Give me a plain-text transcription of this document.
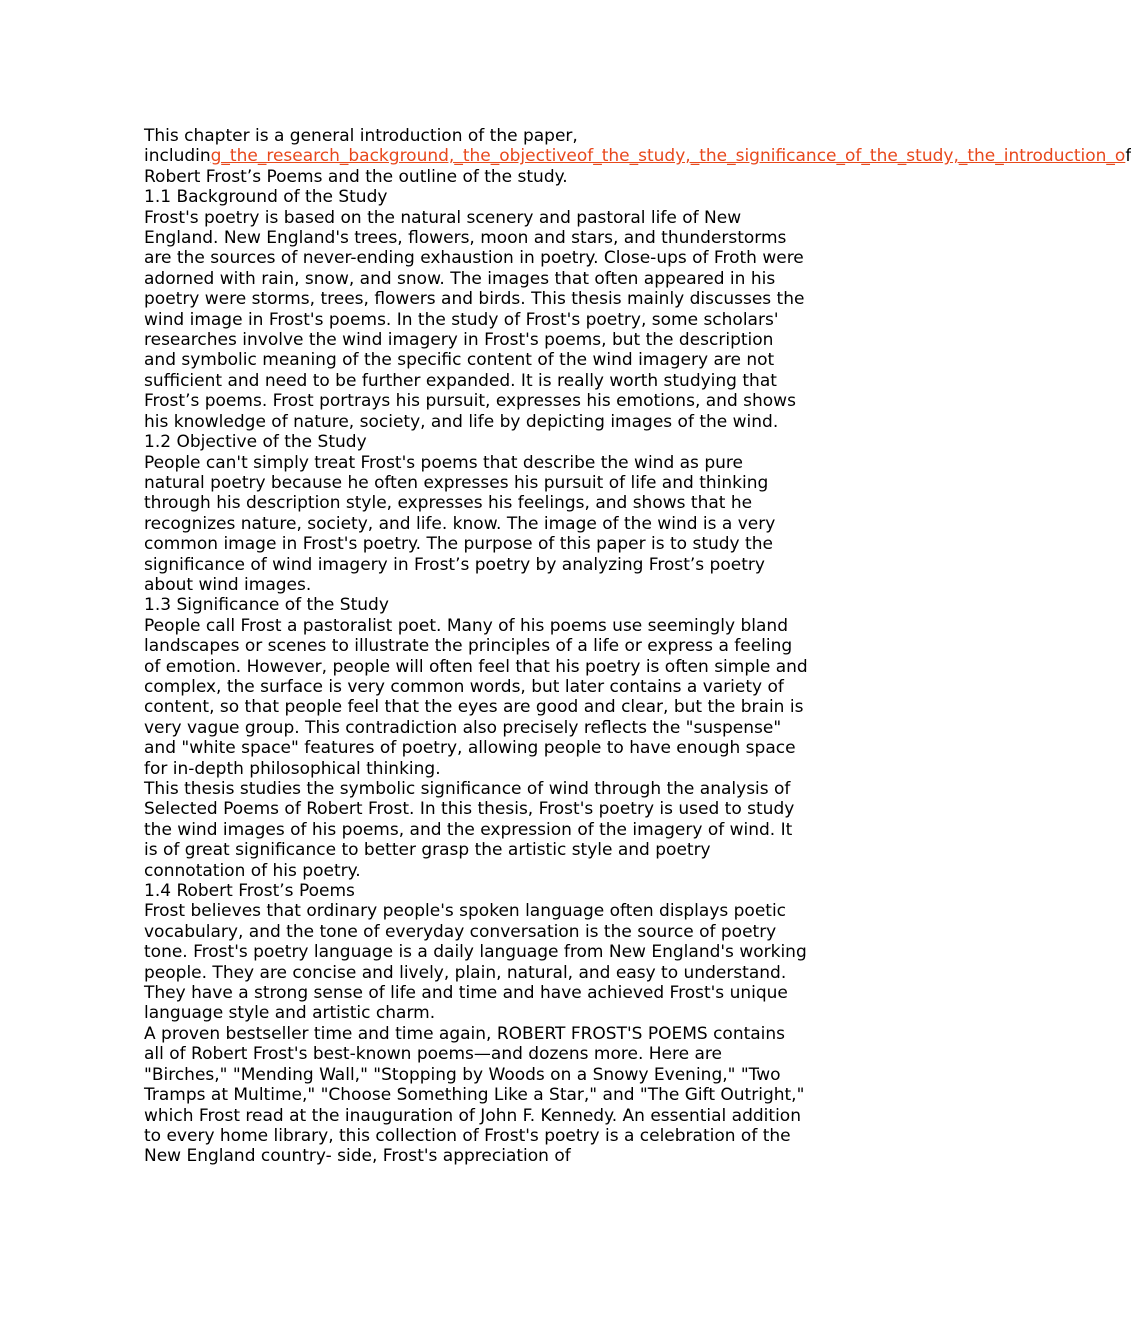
This chapter is a general introduction of the paper,

including_the_research_background,_the_objectiveof_the_study,_the_significance_of_the_study,_the_introduction_of Robert Frost’s Poems and the outline of the study.

1.1 Background of the Study

Frost's poetry is based on the natural scenery and pastoral life of New England. New England's trees, flowers, moon and stars, and thunderstorms are the sources of never-ending exhaustion in poetry. Close-ups of Froth were adorned with rain, snow, and snow. The images that often appeared in his poetry were storms, trees, flowers and birds. This thesis mainly discusses the wind image in Frost's poems. In the study of Frost's poetry, some scholars' researches involve the wind imagery in Frost's poems, but the description and symbolic meaning of the specific content of the wind imagery are not sufficient and need to be further expanded. It is really worth studying that Frost’s poems. Frost portrays his pursuit, expresses his emotions, and shows his knowledge of nature, society, and life by depicting images of the wind.

1.2 Objective of the Study

People can't simply treat Frost's poems that describe the wind as pure natural poetry because he often expresses his pursuit of life and thinking through his description style, expresses his feelings, and shows that he recognizes nature, society, and life. know. The image of the wind is a very common image in Frost's poetry. The purpose of this paper is to study the significance of wind imagery in Frost’s poetry by analyzing Frost’s poetry about wind images.

1.3 Significance of the Study

People call Frost a pastoralist poet. Many of his poems use seemingly bland landscapes or scenes to illustrate the principles of a life or express a feeling of emotion. However, people will often feel that his poetry is often simple and complex, the surface is very common words, but later contains a variety of content, so that people feel that the eyes are good and clear, but the brain is very vague group. This contradiction also precisely reflects the "suspense" and "white space" features of poetry, allowing people to have enough space for in-depth philosophical thinking.

This thesis studies the symbolic significance of wind through the analysis of Selected Poems of Robert Frost. In this thesis, Frost's poetry is used to study the wind images of his poems, and the expression of the imagery of wind. It is of great significance to better grasp the artistic style and poetry connotation of his poetry.

1.4 Robert Frost’s Poems

Frost believes that ordinary people's spoken language often displays poetic vocabulary, and the tone of everyday conversation is the source of poetry tone. Frost's poetry language is a daily language from New England's working people. They are concise and lively, plain, natural, and easy to understand. They have a strong sense of life and time and have achieved Frost's unique language style and artistic charm.

A proven bestseller time and time again, ROBERT FROST'S POEMS contains all of Robert Frost's best-known poems—and dozens more. Here are "Birches," "Mending Wall," "Stopping by Woods on a Snowy Evening," "Two Tramps at Multime," "Choose Something Like a Star," and "The Gift Outright," which Frost read at the inauguration of John F. Kennedy. An essential addition to every home library, this collection of Frost's poetry is a celebration of the New England country- side, Frost's appreciation of
